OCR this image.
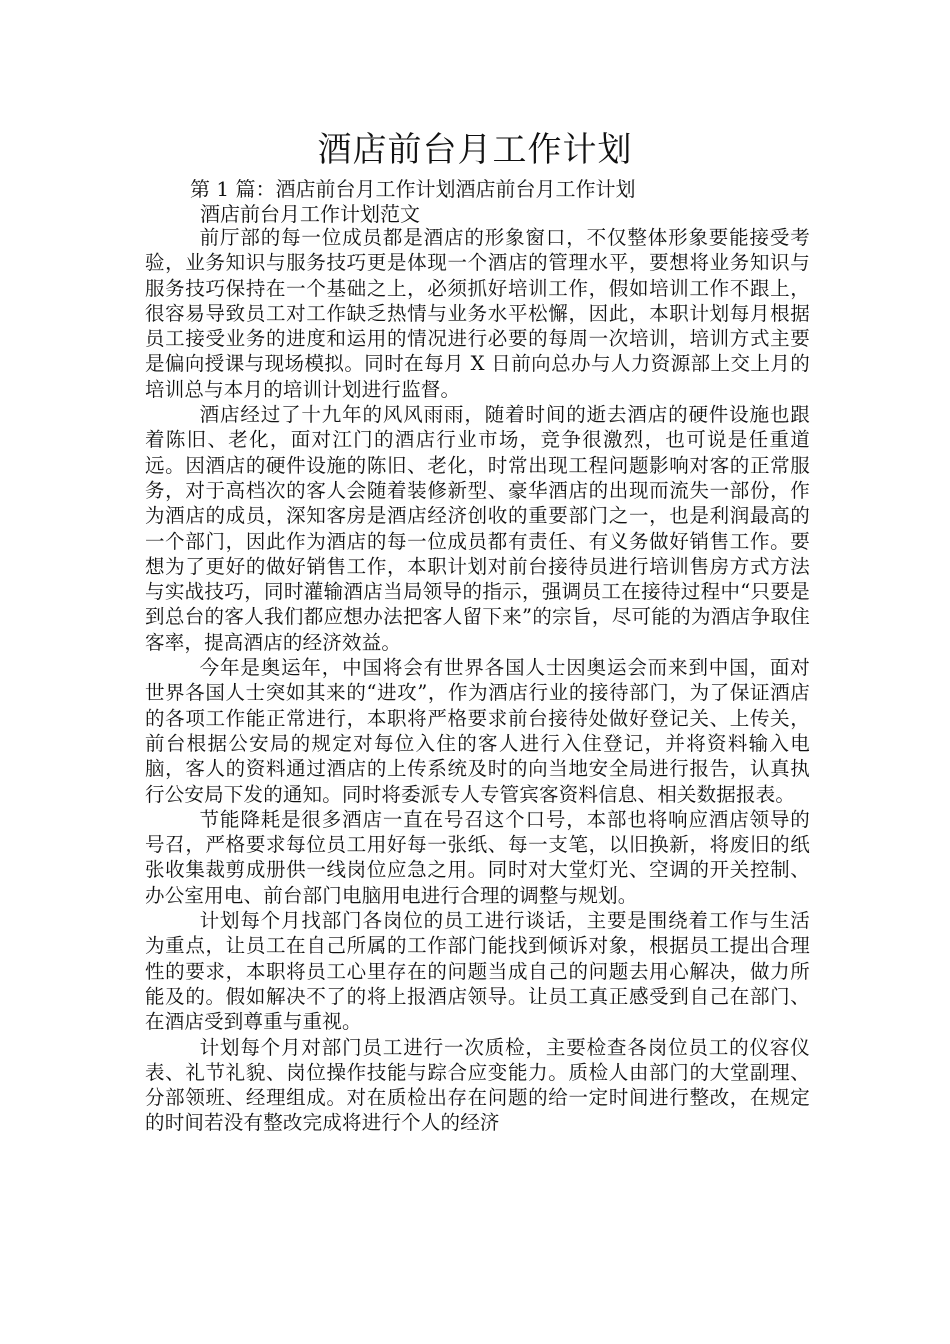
酒店前台月工作计划

第 1 篇：酒店前台月工作计划酒店前台月工作计划

酒店前台月工作计划范文

前厅部的每一位成员都是酒店的形象窗口，不仅整体形象要能接受考验，业务知识与服务技巧更是体现一个酒店的管理水平，要想将业务知识与服务技巧保持在一个基础之上，必须抓好培训工作，假如培训工作不跟上，很容易导致员工对工作缺乏热情与业务水平松懈，因此，本职计划每月根据员工接受业务的进度和运用的情况进行必要的每周一次培训，培训方式主要是偏向授课与现场模拟。同时在每月 X 日前向总办与人力资源部上交上月的培训总与本月的培训计划进行监督。

酒店经过了十九年的风风雨雨，随着时间的逝去酒店的硬件设施也跟着陈旧、老化，面对江门的酒店行业市场，竞争很激烈，也可说是任重道远。因酒店的硬件设施的陈旧、老化，时常出现工程问题影响对客的正常服务，对于高档次的客人会随着装修新型、豪华酒店的出现而流失一部份，作为酒店的成员，深知客房是酒店经济创收的重要部门之一，也是利润最高的一个部门，因此作为酒店的每一位成员都有责任、有义务做好销售工作。要想为了更好的做好销售工作，本职计划对前台接待员进行培训售房方式方法与实战技巧，同时灌输酒店当局领导的指示，强调员工在接待过程中“只要是到总台的客人我们都应想办法把客人留下来”的宗旨，尽可能的为酒店争取住客率，提高酒店的经济效益。

今年是奥运年，中国将会有世界各国人士因奥运会而来到中国，面对世界各国人士突如其来的“进攻”，作为酒店行业的接待部门，为了保证酒店的各项工作能正常进行，本职将严格要求前台接待处做好登记关、上传关，前台根据公安局的规定对每位入住的客人进行入住登记，并将资料输入电脑，客人的资料通过酒店的上传系统及时的向当地安全局进行报告，认真执行公安局下发的通知。同时将委派专人专管宾客资料信息、相关数据报表。

节能降耗是很多酒店一直在号召这个口号，本部也将响应酒店领导的号召，严格要求每位员工用好每一张纸、每一支笔，以旧换新，将废旧的纸张收集裁剪成册供一线岗位应急之用。同时对大堂灯光、空调的开关控制、办公室用电、前台部门电脑用电进行合理的调整与规划。

计划每个月找部门各岗位的员工进行谈话，主要是围绕着工作与生活为重点，让员工在自己所属的工作部门能找到倾诉对象，根据员工提出合理性的要求，本职将员工心里存在的问题当成自己的问题去用心解决，做力所能及的。假如解决不了的将上报酒店领导。让员工真正感受到自己在部门、在酒店受到尊重与重视。

计划每个月对部门员工进行一次质检，主要检查各岗位员工的仪容仪表、礼节礼貌、岗位操作技能与踪合应变能力。质检人由部门的大堂副理、分部领班、经理组成。对在质检出存在问题的给一定时间进行整改，在规定的时间若没有整改完成将进行个人的经济
